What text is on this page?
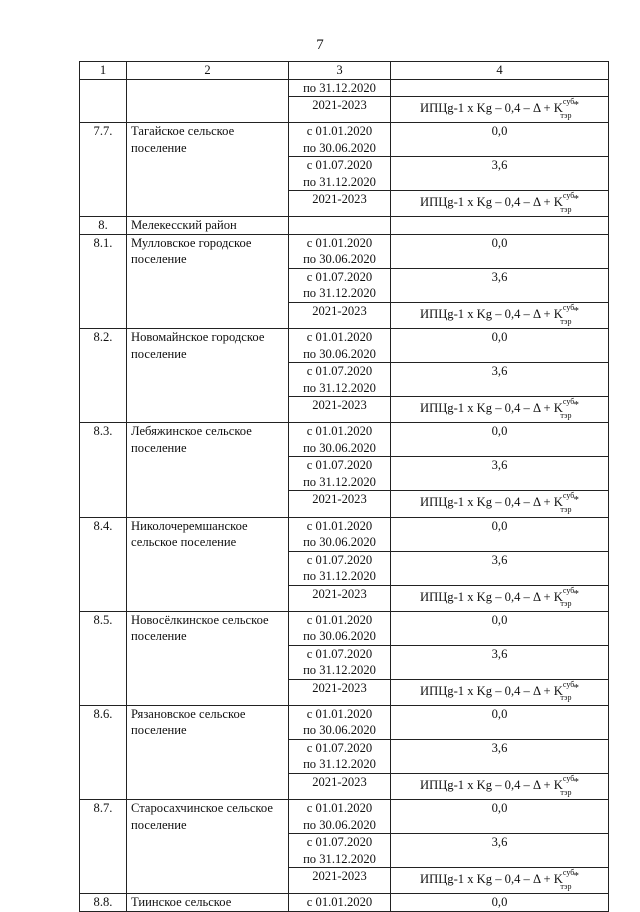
7
1	2	3	4
		по 31.12.2020	
		2021-2023	ИПЦg-1 x $Kg - 0,4 - \Delta + K^{суб}_{тэр}*$
7.7.	Тагайское сельское поселение	с 01.01.2020
по 30.06.2020	0,0

		с 01.07.2020
по 31.12.2020	3,6
		2021-2023	ИПЦg-1 x $Kg - 0,4 - \Delta + K^{суб}_{тэр}*$
8.	Мелекесский район		
8.1.	Мулловское городское поселение	с 01.01.2020
по 30.06.2020	0,0

		с 01.07.2020
по 31.12.2020	3,6
		2021-2023	ИПЦg-1 x $Kg - 0,4 - \Delta + K^{суб}_{тэр}*$
8.2.	Новомайнское городское поселение	с 01.01.2020
по 30.06.2020	0,0

		с 01.07.2020
по 31.12.2020	3,6
		2021-2023	ИПЦg-1 x $Kg - 0,4 - \Delta + K^{суб}_{тэр}*$
8.3.	Лебяжинское сельское поселение	с 01.01.2020
по 30.06.2020	0,0

		с 01.07.2020
по 31.12.2020	3,6
		2021-2023	ИПЦg-1 x $Kg - 0,4 - \Delta + K^{суб}_{тэр}*$
8.4.	Николочеремшанское сельское поселение	с 01.01.2020
по 30.06.2020	0,0

		с 01.07.2020
по 31.12.2020	3,6
		2021-2023	ИПЦg-1 x $Kg - 0,4 - \Delta + K^{суб}_{тэр}*$
8.5.	Новосёлкинское сельское поселение	с 01.01.2020
по 30.06.2020	0,0

		с 01.07.2020
по 31.12.2020	3,6
		2021-2023	ИПЦg-1 x $Kg - 0,4 - \Delta + K^{суб}_{тэр}*$
8.6.	Рязановское сельское поселение	с 01.01.2020
по 30.06.2020	0,0

		с 01.07.2020
по 31.12.2020	3,6
		2021-2023	ИПЦg-1 x $Kg - 0,4 - \Delta + K^{суб}_{тэр}*$
8.7.	Старосахчинское сельское поселение	с 01.01.2020
по 30.06.2020	0,0

		с 01.07.2020
по 31.12.2020	3,6
		2021-2023	ИПЦg-1 x $Kg - 0,4 - \Delta + K^{суб}_{тэр}*$
8.8.	Тиинское сельское	с 01.01.2020	0,0
